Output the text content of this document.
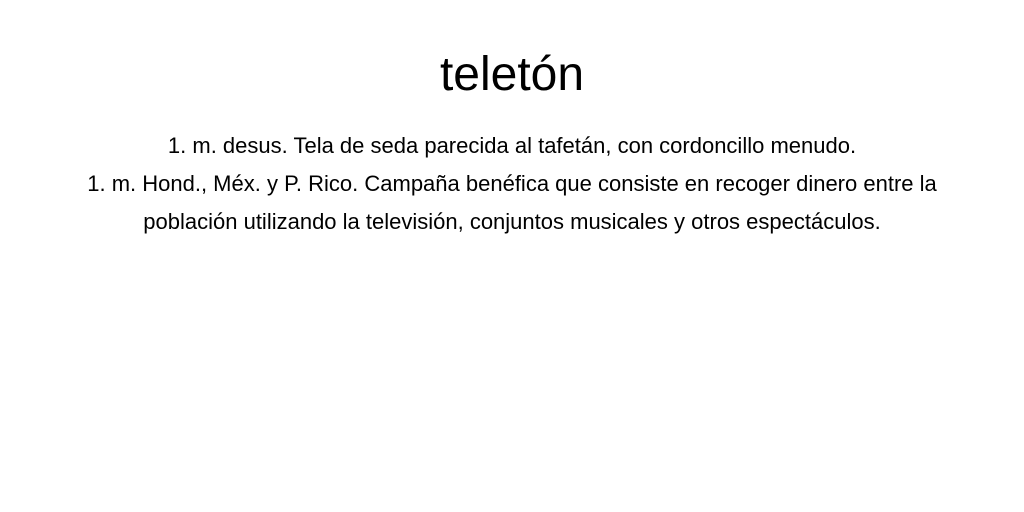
teletón

1. m. desus. Tela de seda parecida al tafetán, con cordoncillo menudo.

1. m. Hond., Méx. y P. Rico. Campaña benéfica que consiste en recoger dinero entre la población utilizando la televisión, conjuntos musicales y otros espectáculos.
